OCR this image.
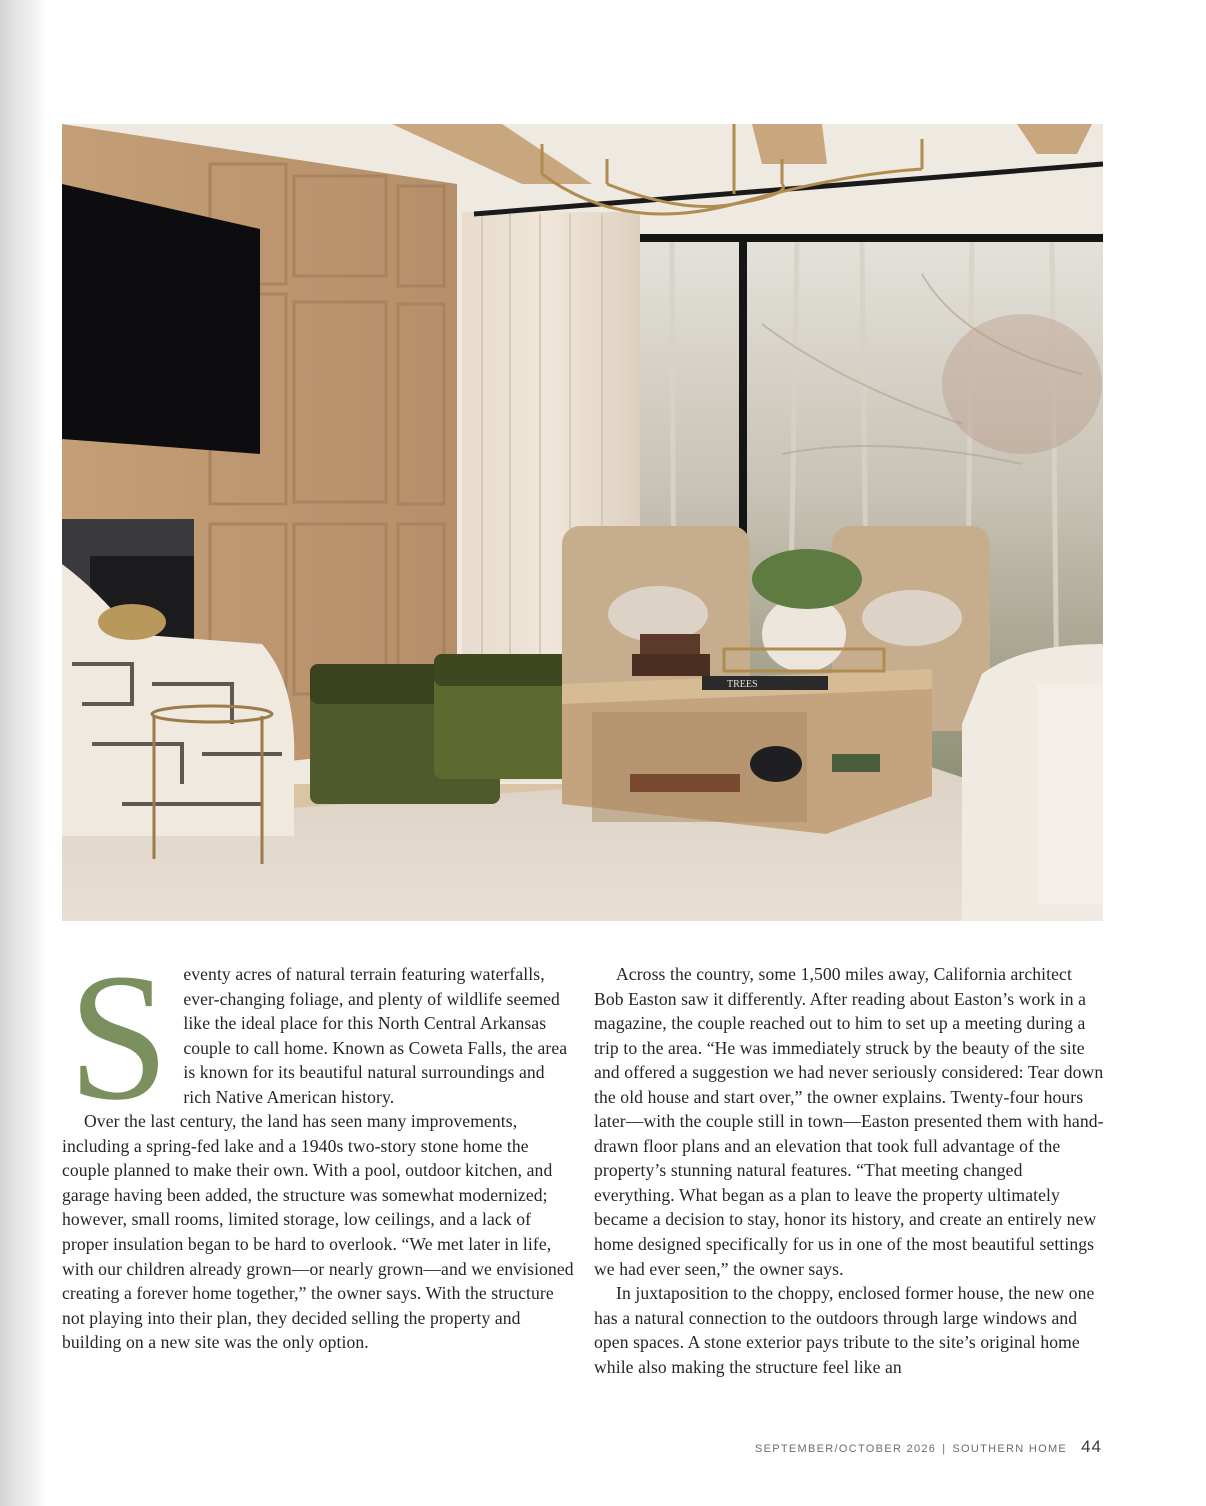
TREES

Seventy acres of natural terrain featuring waterfalls, ever-changing foliage, and plenty of wildlife seemed like the ideal place for this North Central Arkansas couple to call home. Known as Coweta Falls, the area is known for its beautiful natural surroundings and rich Native American history.

Over the last century, the land has seen many improvements, including a spring-fed lake and a 1940s two-story stone home the couple planned to make their own. With a pool, outdoor kitchen, and garage having been added, the structure was somewhat modernized; however, small rooms, limited storage, low ceilings, and a lack of proper insulation began to be hard to overlook. “We met later in life, with our children already grown—or nearly grown—and we envisioned creating a forever home together,” the owner says. With the structure not playing into their plan, they decided selling the property and building on a new site was the only option.

Across the country, some 1,500 miles away, California architect Bob Easton saw it differently. After reading about Easton’s work in a magazine, the couple reached out to him to set up a meeting during a trip to the area. “He was immediately struck by the beauty of the site and offered a suggestion we had never seriously considered: Tear down the old house and start over,” the owner explains. Twenty-four hours later—with the couple still in town—Easton presented them with hand-drawn floor plans and an elevation that took full advantage of the property’s stunning natural features. “That meeting changed everything. What began as a plan to leave the property ultimately became a decision to stay, honor its history, and create an entirely new home designed specifically for us in one of the most beautiful settings we had ever seen,” the owner says.

In juxtaposition to the choppy, enclosed former house, the new one has a natural connection to the outdoors through large windows and open spaces. A stone exterior pays tribute to the site’s original home while also making the structure feel like an

SEPTEMBER/OCTOBER 2026 | SOUTHERN HOME 44
